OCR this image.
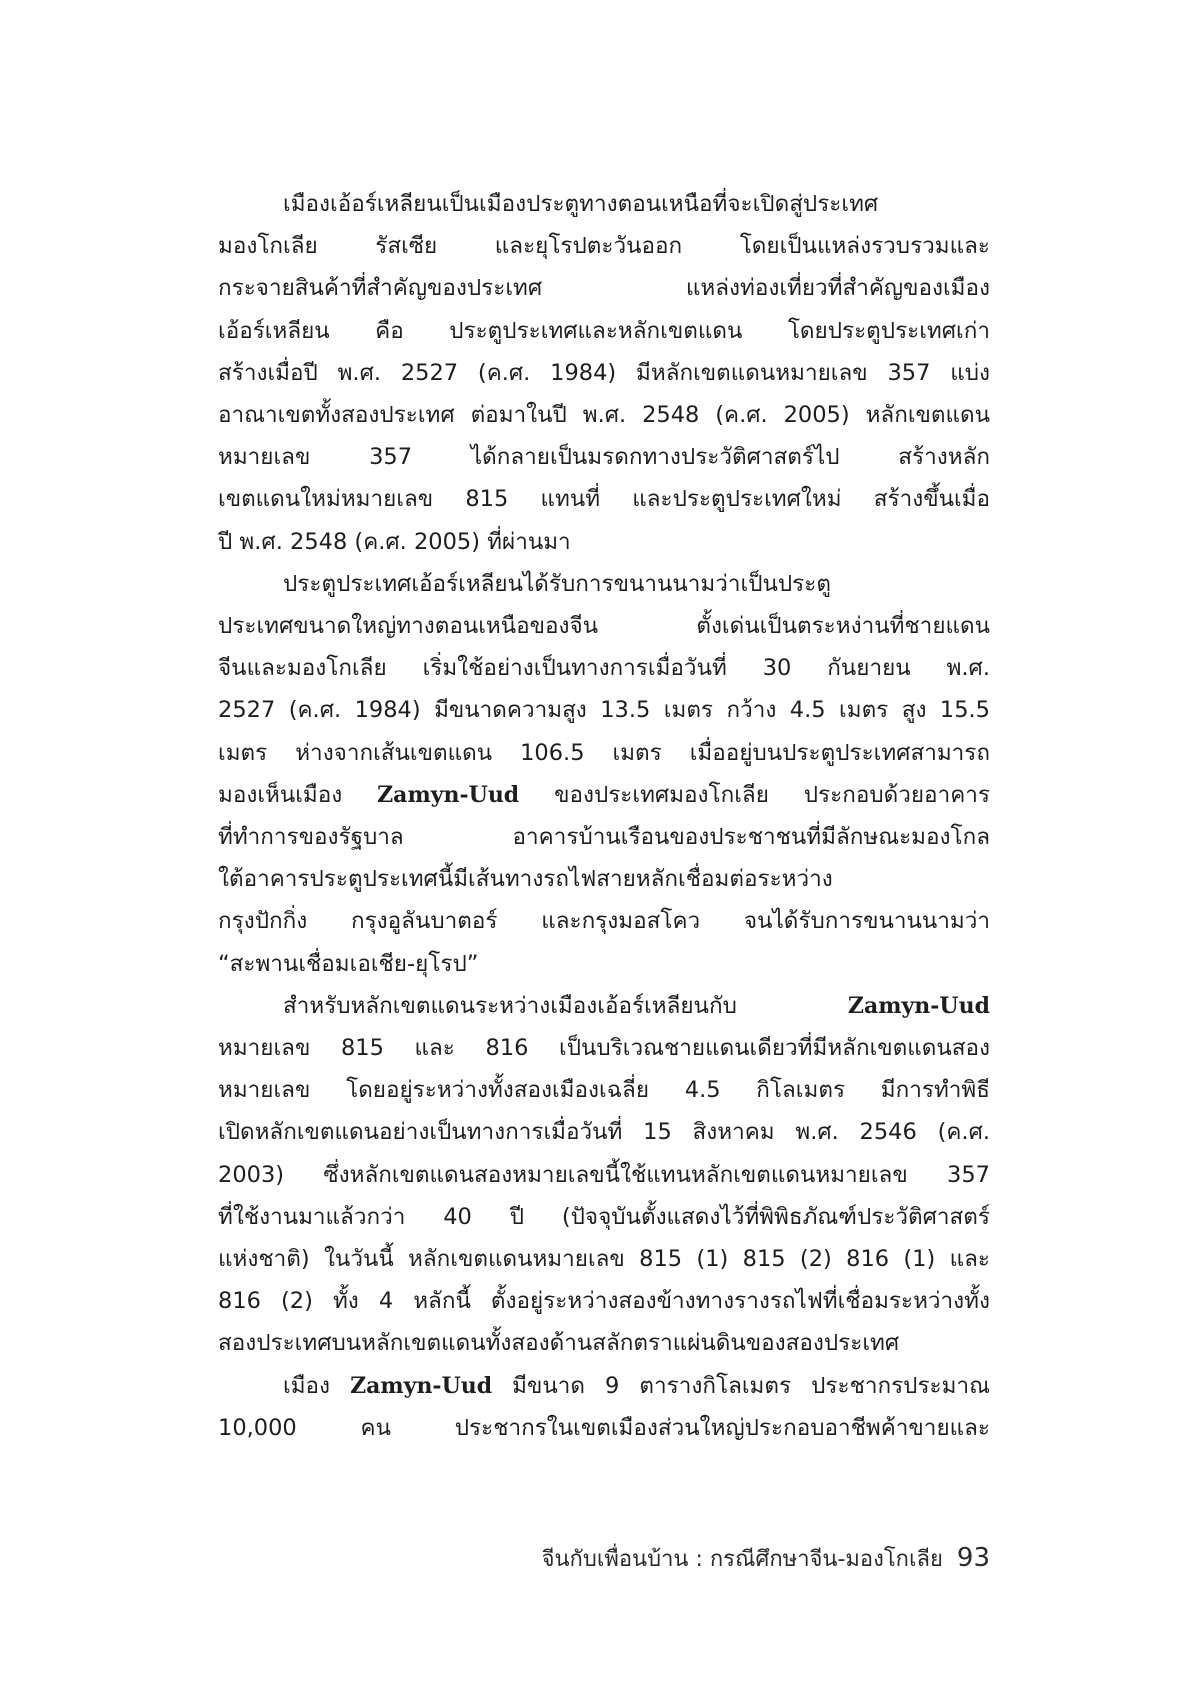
เมืองเอ้อร์เหลียนเป็นเมืองประตูทางตอนเหนือที่จะเปิดสู่ประเทศ
มองโกเลีย รัสเซีย และยุโรปตะวันออก โดยเป็นแหล่งรวบรวมและ
กระจายสินค้าที่สำคัญของประเทศ แหล่งท่องเที่ยวที่สำคัญของเมือง
เอ้อร์เหลียน คือ ประตูประเทศและหลักเขตแดน โดยประตูประเทศเก่า
สร้างเมื่อปี พ.ศ. 2527 (ค.ศ. 1984) มีหลักเขตแดนหมายเลข 357 แบ่ง
อาณาเขตทั้งสองประเทศ ต่อมาในปี พ.ศ. 2548 (ค.ศ. 2005) หลักเขตแดน
หมายเลข 357 ได้กลายเป็นมรดกทางประวัติศาสตร์ไป สร้างหลัก
เขตแดนใหม่หมายเลข 815 แทนที่ และประตูประเทศใหม่ สร้างขึ้นเมื่อ
ปี พ.ศ. 2548 (ค.ศ. 2005) ที่ผ่านมา

ประตูประเทศเอ้อร์เหลียนได้รับการขนานนามว่าเป็นประตู
ประเทศขนาดใหญ่ทางตอนเหนือของจีน ตั้งเด่นเป็นตระหง่านที่ชายแดน
จีนและมองโกเลีย เริ่มใช้อย่างเป็นทางการเมื่อวันที่ 30 กันยายน พ.ศ.
2527 (ค.ศ. 1984) มีขนาดความสูง 13.5 เมตร กว้าง 4.5 เมตร สูง 15.5
เมตร ห่างจากเส้นเขตแดน 106.5 เมตร เมื่ออยู่บนประตูประเทศสามารถ
มองเห็นเมือง Zamyn-Uud ของประเทศมองโกเลีย ประกอบด้วยอาคาร
ที่ทำการของรัฐบาล อาคารบ้านเรือนของประชาชนที่มีลักษณะมองโกล
ใต้อาคารประตูประเทศนี้มีเส้นทางรถไฟสายหลักเชื่อมต่อระหว่าง
กรุงปักกิ่ง กรุงอูลันบาตอร์ และกรุงมอสโคว จนได้รับการขนานนามว่า
“สะพานเชื่อมเอเชีย-ยุโรป”

สำหรับหลักเขตแดนระหว่างเมืองเอ้อร์เหลียนกับ Zamyn-Uud
หมายเลข 815 และ 816 เป็นบริเวณชายแดนเดียวที่มีหลักเขตแดนสอง
หมายเลข โดยอยู่ระหว่างทั้งสองเมืองเฉลี่ย 4.5 กิโลเมตร มีการทำพิธี
เปิดหลักเขตแดนอย่างเป็นทางการเมื่อวันที่ 15 สิงหาคม พ.ศ. 2546 (ค.ศ.
2003) ซึ่งหลักเขตแดนสองหมายเลขนี้ใช้แทนหลักเขตแดนหมายเลข 357
ที่ใช้งานมาแล้วกว่า 40 ปี (ปัจจุบันตั้งแสดงไว้ที่พิพิธภัณฑ์ประวัติศาสตร์
แห่งชาติ) ในวันนี้ หลักเขตแดนหมายเลข 815 (1) 815 (2) 816 (1) และ
816 (2) ทั้ง 4 หลักนี้ ตั้งอยู่ระหว่างสองข้างทางรางรถไฟที่เชื่อมระหว่างทั้ง
สองประเทศบนหลักเขตแดนทั้งสองด้านสลักตราแผ่นดินของสองประเทศ

เมือง Zamyn-Uud มีขนาด 9 ตารางกิโลเมตร ประชากรประมาณ
10,000 คน ประชากรในเขตเมืองส่วนใหญ่ประกอบอาชีพค้าขายและ

จีนกับเพื่อนบ้าน : กรณีศึกษาจีน-มองโกเลีย 93
